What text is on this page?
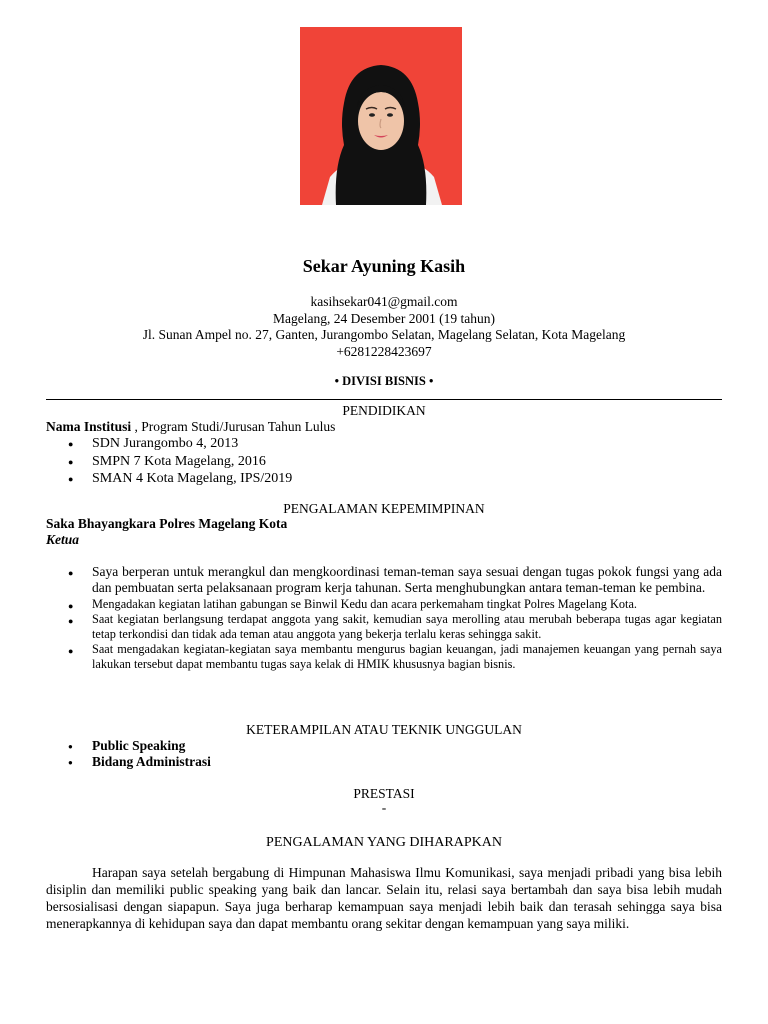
Sekar Ayuning Kasih
kasihsekar041@gmail.com
Magelang, 24 Desember 2001 (19 tahun)
Jl. Sunan Ampel no. 27, Ganten, Jurangombo Selatan, Magelang Selatan, Kota Magelang
+6281228423697
• DIVISI BISNIS •
PENDIDIKAN
Nama Institusi , Program Studi/Jurusan Tahun Lulus
● SDN Jurangombo 4, 2013
● SMPN 7 Kota Magelang, 2016
● SMAN 4 Kota Magelang, IPS/2019
PENGALAMAN KEPEMIMPINAN
Saka Bhayangkara Polres Magelang Kota
Ketua
● Saya berperan untuk merangkul dan mengkoordinasi teman-teman saya sesuai dengan tugas pokok fungsi yang ada dan pembuatan serta pelaksanaan program kerja tahunan. Serta menghubungkan antara teman-teman ke pembina.
● Mengadakan kegiatan latihan gabungan se Binwil Kedu dan acara perkemaham tingkat Polres Magelang Kota.
● Saat kegiatan berlangsung terdapat anggota yang sakit, kemudian saya merolling atau merubah beberapa tugas agar kegiatan tetap terkondisi dan tidak ada teman atau anggota yang bekerja terlalu keras sehingga sakit.
● Saat mengadakan kegiatan-kegiatan saya membantu mengurus bagian keuangan, jadi manajemen keuangan yang pernah saya lakukan tersebut dapat membantu tugas saya kelak di HMIK khususnya bagian bisnis.
KETERAMPILAN ATAU TEKNIK UNGGULAN
● Public Speaking
● Bidang Administrasi
PRESTASI
-
PENGALAMAN YANG DIHARAPKAN
Harapan saya setelah bergabung di Himpunan Mahasiswa Ilmu Komunikasi, saya menjadi pribadi yang bisa lebih disiplin dan memiliki public speaking yang baik dan lancar. Selain itu, relasi saya bertambah dan saya bisa lebih mudah bersosialisasi dengan siapapun. Saya juga berharap kemampuan saya menjadi lebih baik dan terasah sehingga saya bisa menerapkannya di kehidupan saya dan dapat membantu orang sekitar dengan kemampuan yang saya miliki.
